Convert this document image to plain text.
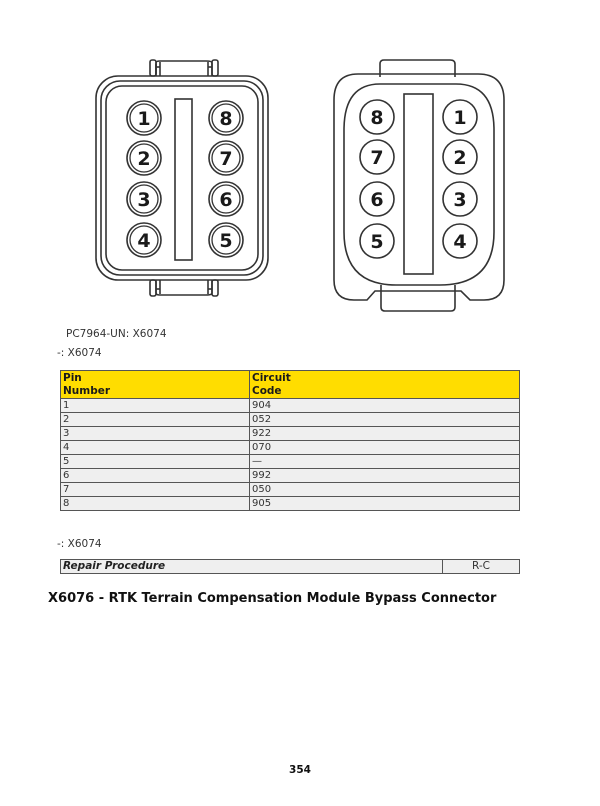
1
2
3
4
8
7
6
5
8
7
6
5
1
2
3
4
PC7964-UN: X6074
-: X6074
Pin
Number	Circuit
Code
1	904
2	052
3	922
4	070
5	—
6	992
7	050
8	905
-: X6074
Repair Procedure	R-C
X6076 - RTK Terrain Compensation Module Bypass Connector
354
